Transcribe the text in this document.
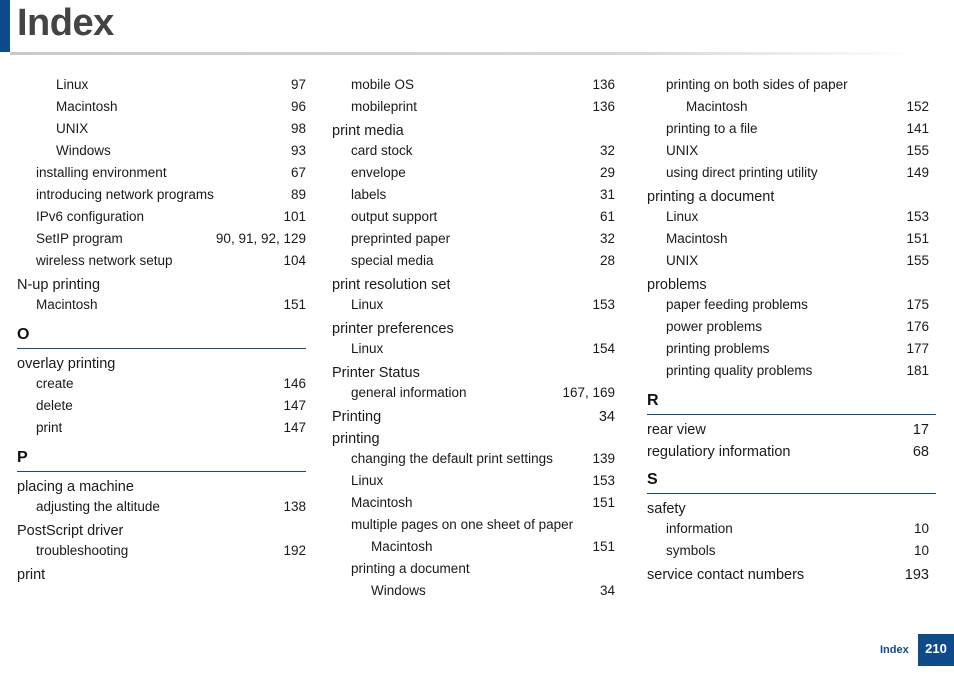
Index
Linux	97
Macintosh	96
UNIX	98
Windows	93
installing environment	67
introducing network programs	89
IPv6 configuration	101
SetIP program	90, 91, 92, 129
wireless network setup	104
N-up printing
Macintosh	151
O
overlay printing
create	146
delete	147
print	147
P
placing a machine
adjusting the altitude	138
PostScript driver
troubleshooting	192
print
mobile OS	136
mobileprint	136
print media
card stock	32
envelope	29
labels	31
output support	61
preprinted paper	32
special media	28
print resolution set
Linux	153
printer preferences
Linux	154
Printer Status
general information	167, 169
Printing	34
printing
changing the default print settings	139
Linux	153
Macintosh	151
multiple pages on one sheet of paper
Macintosh	151
printing a document
Windows	34
printing on both sides of paper
Macintosh	152
printing to a file	141
UNIX	155
using direct printing utility	149
printing a document
Linux	153
Macintosh	151
UNIX	155
problems
paper feeding problems	175
power problems	176
printing problems	177
printing quality problems	181
R
rear view	17
regulatiory information	68
S
safety
information	10
symbols	10
service contact numbers	193
Index	210
